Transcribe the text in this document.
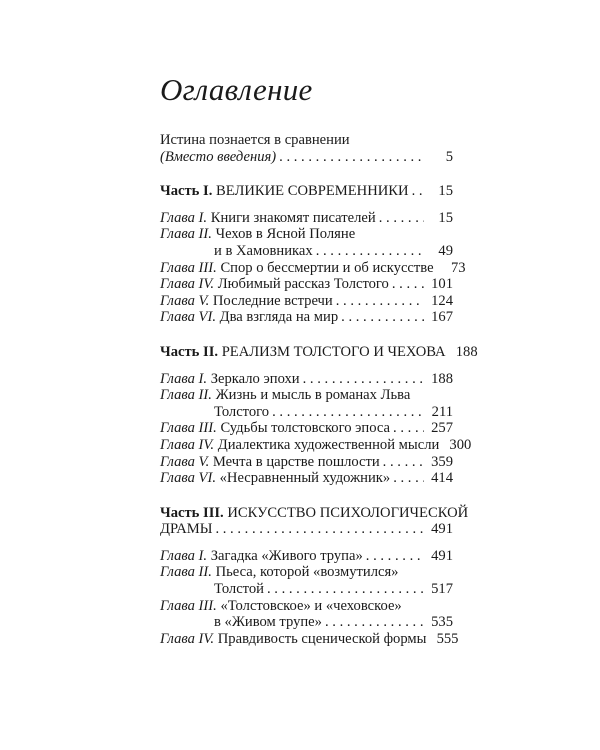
Оглавление
Истина познается в сравнении
(Вместо введения) . . .	5
Часть I. ВЕЛИКИЕ СОВРЕМЕННИКИ . . .	15
Глава I. Книги знакомят писателей . . .	15
Глава II. Чехов в Ясной Поляне
и в Хамовниках . . .	49
Глава III. Спор о бессмертии и об искусстве	73
Глава IV. Любимый рассказ Толстого . . .	101
Глава V. Последние встречи . . .	124
Глава VI. Два взгляда на мир . . .	167
Часть II. РЕАЛИЗМ ТОЛСТОГО И ЧЕХОВА 188
Глава I. Зеркало эпохи . . .	188
Глава II. Жизнь и мысль в романах Льва
Толстого . . .	211
Глава III. Судьбы толстовского эпоса . . .	257
Глава IV. Диалектика художественной мысли 300
Глава V. Мечта в царстве пошлости . . .	359
Глава VI. «Несравненный художник» . . .	414
Часть III. ИСКУССТВО ПСИХОЛОГИЧЕСКОЙ
ДРАМЫ . . .	491
Глава I. Загадка «Живого трупа» . . .	491
Глава II. Пьеса, которой «возмутился»
Толстой . . .	517
Глава III. «Толстовское» и «чеховское»
в «Живом трупе» . . .	535
Глава IV. Правдивость сценической формы 555
